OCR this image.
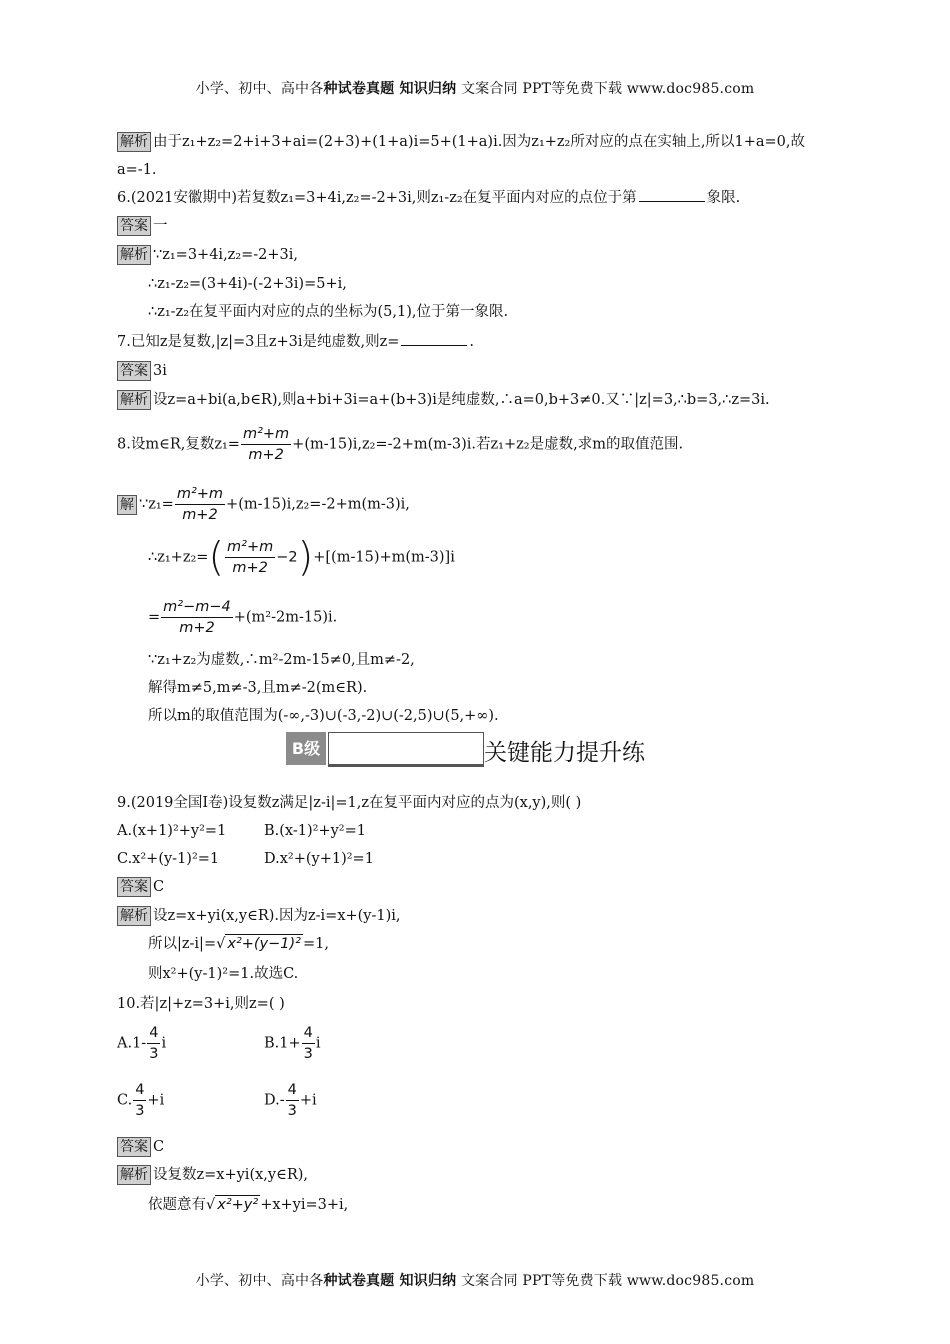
小学、初中、高中各种试卷真题 知识归纳 文案合同 PPT等免费下载 www.doc985.com
解析 由于z₁+z₂=2+i+3+ai=(2+3)+(1+a)i=5+(1+a)i.因为z₁+z₂所对应的点在实轴上,所以1+a=0,故
a=-1.
6.(2021安徽期中)若复数z₁=3+4i,z₂=-2+3i,则z₁-z₂在复平面内对应的点位于第	象限.
答案 一
解析 ∵z₁=3+4i,z₂=-2+3i,
∴z₁-z₂=(3+4i)-(-2+3i)=5+i,
∴z₁-z₂在复平面内对应的点的坐标为(5,1),位于第一象限.
7.已知z是复数,|z|=3且z+3i是纯虚数,则z=	.
答案 3i
解析 设z=a+bi(a,b∈R),则a+bi+3i=a+(b+3)i是纯虚数,∴a=0,b+3≠0.又∵|z|=3,∴b=3,∴z=3i.
8.设m∈R,复数$z_1= \frac{\text{m²+m}}{m+2} +(m-15)i,z_2=-2+m(m-3)i$.若z₁+z₂是虚数,求m的取值范围.
解 ∵z₁= $\frac{\text{m²+m}}{m+2} +(m-15)i,z_2=-2+m(m-3)i$,
∴z₁+z₂=( $\frac{\text{m²+m}}{m+2} -2)+[(m-15)+m(m-3)]i$
= $\frac{\text{m²−m−4}}{m+2} +(m^2-2m-15)i$.
∵z₁+z₂为虚数,∴m²-2m-15≠0,且m≠-2,
解得m≠5,m≠-3,且m≠-2(m∈R).
所以m的取值范围为(-∞,-3)∪(-3,-2)∪(-2,5)∪(5,+∞).
B级	关键能力提升练
9.(2019全国Ⅰ卷)设复数z满足|z-i|=1,z在复平面内对应的点为(x,y),则( )
A.(x+1)²+y²=1	B.(x-1)²+y²=1
C.x²+(y-1)²=1	D.x²+(y+1)²=1
答案 C
解析 设z=x+yi(x,y∈R).因为z-i=x+(y-1)i,
所以|z-i|=√ x²+(y−1)² =1,
则x²+(y-1)²=1.故选C.
10.若|z|+z=3+i,则z=( )
$A.1- \frac{4}{3}$ i	$B.1+ \frac{4}{3}$ i
C. $\frac{4}{3} +i$	$D.- \frac{4}{3} +i$
答案 C
解析 设复数z=x+yi(x,y∈R),
依题意有√ x²+y² +x+yi=3+i,
小学、初中、高中各种试卷真题 知识归纳 文案合同 PPT等免费下载 www.doc985.com
